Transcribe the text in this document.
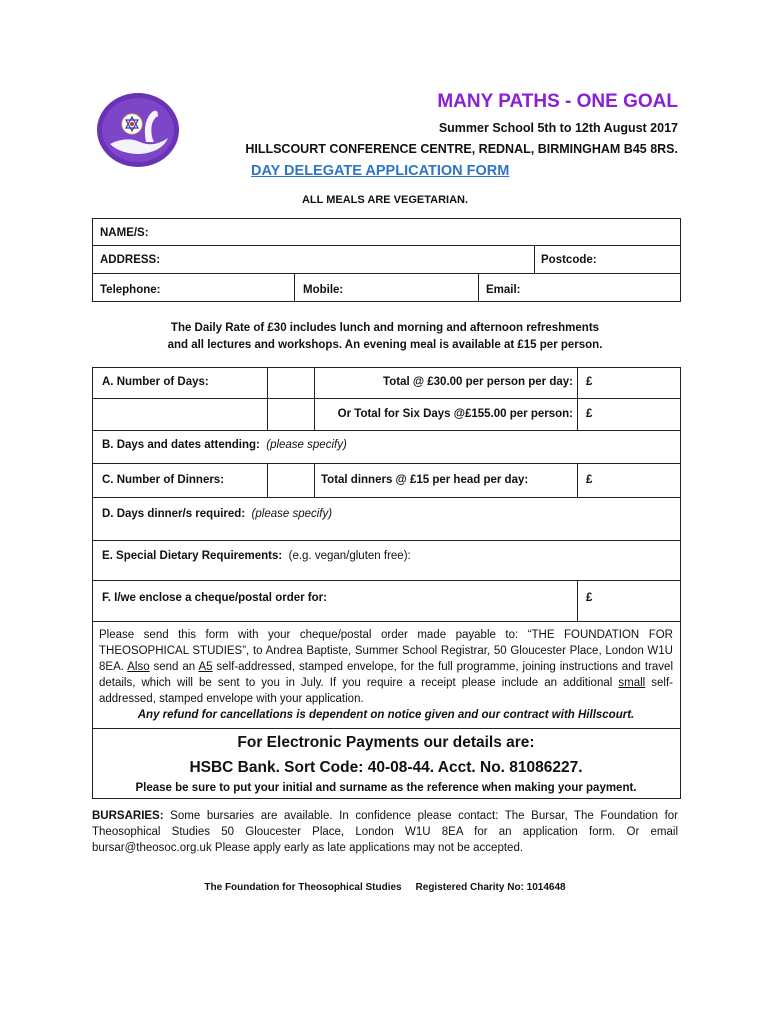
MANY PATHS - ONE GOAL
Summer School 5th to 12th August 2017
HILLSCOURT CONFERENCE CENTRE, REDNAL, BIRMINGHAM B45 8RS.
DAY DELEGATE APPLICATION FORM
ALL MEALS ARE VEGETARIAN.
NAME/S:
ADDRESS:	Postcode:
Telephone:	Mobile:	Email:
The Daily Rate of £30 includes lunch and morning and afternoon refreshments
and all lectures and workshops. An evening meal is available at £15 per person.
A. Number of Days:	Total @ £30.00 per person per day: £
Or Total for Six Days @£155.00 per person: £
B. Days and dates attending: (please specify)
C. Number of Dinners:	Total dinners @ £15 per head per day:	£
D. Days dinner/s required: (please specify)
E. Special Dietary Requirements: (e.g. vegan/gluten free):
F. I/we enclose a cheque/postal order for:	£
Please send this form with your cheque/postal order made payable to: “THE FOUNDATION FOR THEOSOPHICAL STUDIES”, to Andrea Baptiste, Summer School Registrar, 50 Gloucester Place, London W1U 8EA. Also send an A5 self-addressed, stamped envelope, for the full programme, joining instructions and travel details, which will be sent to you in July. If you require a receipt please include an additional small self-addressed, stamped envelope with your application.
Any refund for cancellations is dependent on notice given and our contract with Hillscourt.
For Electronic Payments our details are:
HSBC Bank. Sort Code: 40-08-44. Acct. No. 81086227.
Please be sure to put your initial and surname as the reference when making your payment.
BURSARIES: Some bursaries are available. In confidence please contact: The Bursar, The Foundation for Theosophical Studies 50 Gloucester Place, London W1U 8EA for an application form. Or email bursar@theosoc.org.uk Please apply early as late applications may not be accepted.
The Foundation for Theosophical Studies Registered Charity No: 1014648
